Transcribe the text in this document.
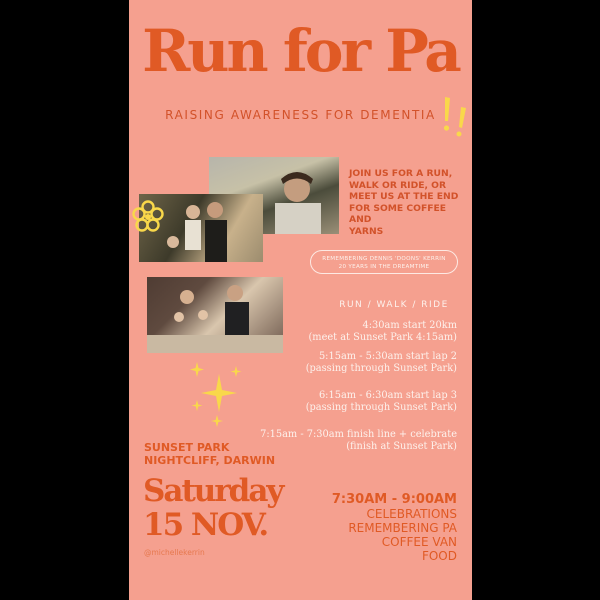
Run for Pa
RAISING AWARENESS FOR DEMENTIA
JOIN US FOR A RUN,
WALK OR RIDE, OR
MEET US AT THE END
FOR SOME COFFEE AND
YARNS
REMEMBERING DENNIS 'DOONS' KERRIN
20 YEARS IN THE DREAMTIME
RUN / WALK / RIDE
4:30am start 20km
(meet at Sunset Park 4:15am)
5:15am - 5:30am start lap 2
(passing through Sunset Park)
6:15am - 6:30am start lap 3
(passing through Sunset Park)
7:15am - 7:30am finish line + celebrate
(finish at Sunset Park)
SUNSET PARK
NIGHTCLIFF, DARWIN
Saturday
15 NOV.
@michellekerrin
7:30AM - 9:00AM
CELEBRATIONS
REMEMBERING PA
COFFEE VAN
FOOD
